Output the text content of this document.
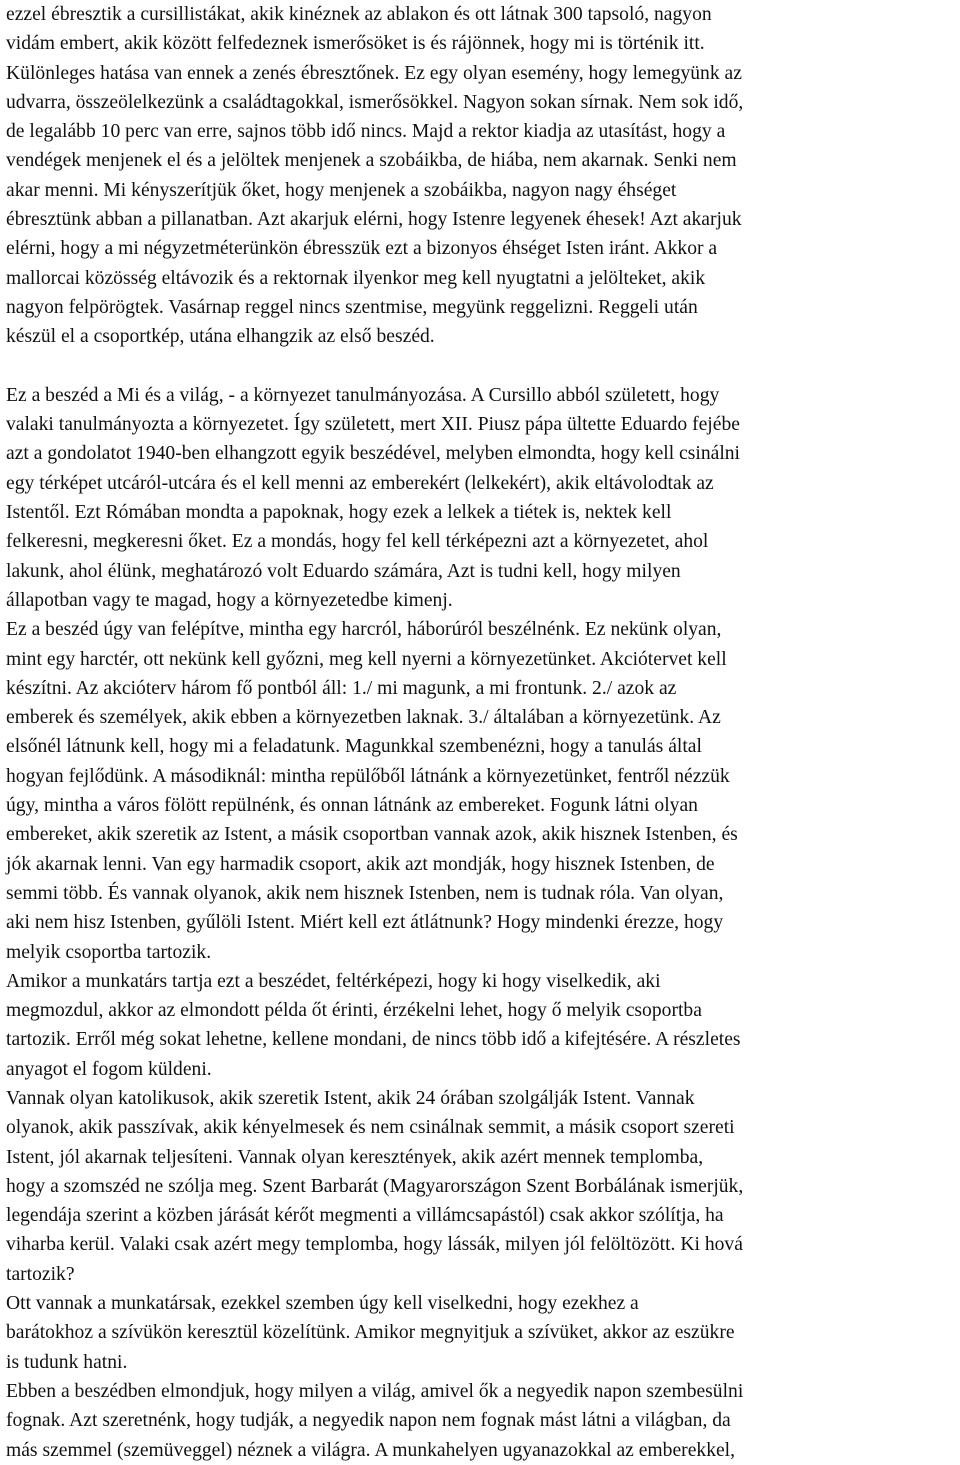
ezzel ébresztik a cursillistákat, akik kinéznek az ablakon és ott látnak 300 tapsoló, nagyon
vidám embert, akik között felfedeznek ismerősöket is és rájönnek, hogy mi is történik itt.
Különleges hatása van ennek a zenés ébresztőnek. Ez egy olyan esemény, hogy lemegyünk az
udvarra, összeölelkezünk a családtagokkal, ismerősökkel. Nagyon sokan sírnak. Nem sok idő,
de legalább 10 perc van erre, sajnos több idő nincs. Majd a rektor kiadja az utasítást, hogy a
vendégek menjenek el és a jelöltek menjenek a szobáikba, de hiába, nem akarnak. Senki nem
akar menni. Mi kényszerítjük őket, hogy menjenek a szobáikba, nagyon nagy éhséget
ébresztünk abban a pillanatban. Azt akarjuk elérni, hogy Istenre legyenek éhesek! Azt akarjuk
elérni, hogy a mi négyzetméterünkön ébresszük ezt a bizonyos éhséget Isten iránt. Akkor a
mallorcai közösség eltávozik és a rektornak ilyenkor meg kell nyugtatni a jelölteket, akik
nagyon felpörögtek. Vasárnap reggel nincs szentmise, megyünk reggelizni. Reggeli után
készül el a csoportkép, utána elhangzik az első beszéd.
Ez a beszéd a Mi és a világ, - a környezet tanulmányozása. A Cursillo abból született, hogy
valaki tanulmányozta a környezetet. Így született, mert XII. Piusz pápa ültette Eduardo fejébe
azt a gondolatot 1940-ben elhangzott egyik beszédével, melyben elmondta, hogy kell csinálni
egy térképet utcáról-utcára és el kell menni az emberekért (lelkekért), akik eltávolodtak az
Istentől. Ezt Rómában mondta a papoknak, hogy ezek a lelkek a tiétek is, nektek kell
felkeresni, megkeresni őket. Ez a mondás, hogy fel kell térképezni azt a környezetet, ahol
lakunk, ahol élünk, meghatározó volt Eduardo számára, Azt is tudni kell, hogy milyen
állapotban vagy te magad, hogy a környezetedbe kimenj.
Ez a beszéd úgy van felépítve, mintha egy harcról, háborúról beszélnénk. Ez nekünk olyan,
mint egy harctér, ott nekünk kell győzni, meg kell nyerni a környezetünket. Akciótervet kell
készítni. Az akcióterv három fő pontból áll: 1./ mi magunk, a mi frontunk. 2./ azok az
emberek és személyek, akik ebben a környezetben laknak. 3./ általában a környezetünk. Az
elsőnél látnunk kell, hogy mi a feladatunk. Magunkkal szembenézni, hogy a tanulás által
hogyan fejlődünk. A másodiknál: mintha repülőből látnánk a környezetünket, fentről nézzük
úgy, mintha a város fölött repülnénk, és onnan látnánk az embereket. Fogunk látni olyan
embereket, akik szeretik az Istent, a másik csoportban vannak azok, akik hisznek Istenben, és
jók akarnak lenni. Van egy harmadik csoport, akik azt mondják, hogy hisznek Istenben, de
semmi több. És vannak olyanok, akik nem hisznek Istenben, nem is tudnak róla. Van olyan,
aki nem hisz Istenben, gyűlöli Istent. Miért kell ezt átlátnunk? Hogy mindenki érezze, hogy
melyik csoportba tartozik.
Amikor a munkatárs tartja ezt a beszédet, feltérképezi, hogy ki hogy viselkedik, aki
megmozdul, akkor az elmondott példa őt érinti, érzékelni lehet, hogy ő melyik csoportba
tartozik. Erről még sokat lehetne, kellene mondani, de nincs több idő a kifejtésére. A részletes
anyagot el fogom küldeni.
Vannak olyan katolikusok, akik szeretik Istent, akik 24 órában szolgálják Istent. Vannak
olyanok, akik passzívak, akik kényelmesek és nem csinálnak semmit, a másik csoport szereti
Istent, jól akarnak teljesíteni. Vannak olyan keresztények, akik azért mennek templomba,
hogy a szomszéd ne szólja meg. Szent Barbarát (Magyarországon Szent Borbálának ismerjük,
legendája szerint a közben járását kérőt megmenti a villámcsapástól) csak akkor szólítja, ha
viharba kerül. Valaki csak azért megy templomba, hogy lássák, milyen jól felöltözött. Ki hová
tartozik?
Ott vannak a munkatársak, ezekkel szemben úgy kell viselkedni, hogy ezekhez a
barátokhoz a szívükön keresztül közelítünk. Amikor megnyitjuk a szívüket, akkor az eszükre
is tudunk hatni.
Ebben a beszédben elmondjuk, hogy milyen a világ, amivel ők a negyedik napon szembesülni
fognak. Azt szeretnénk, hogy tudják, a negyedik napon nem fognak mást látni a világban, da
más szemmel (szemüveggel) néznek a világra. A munkahelyen ugyanazokkal az emberekkel,
